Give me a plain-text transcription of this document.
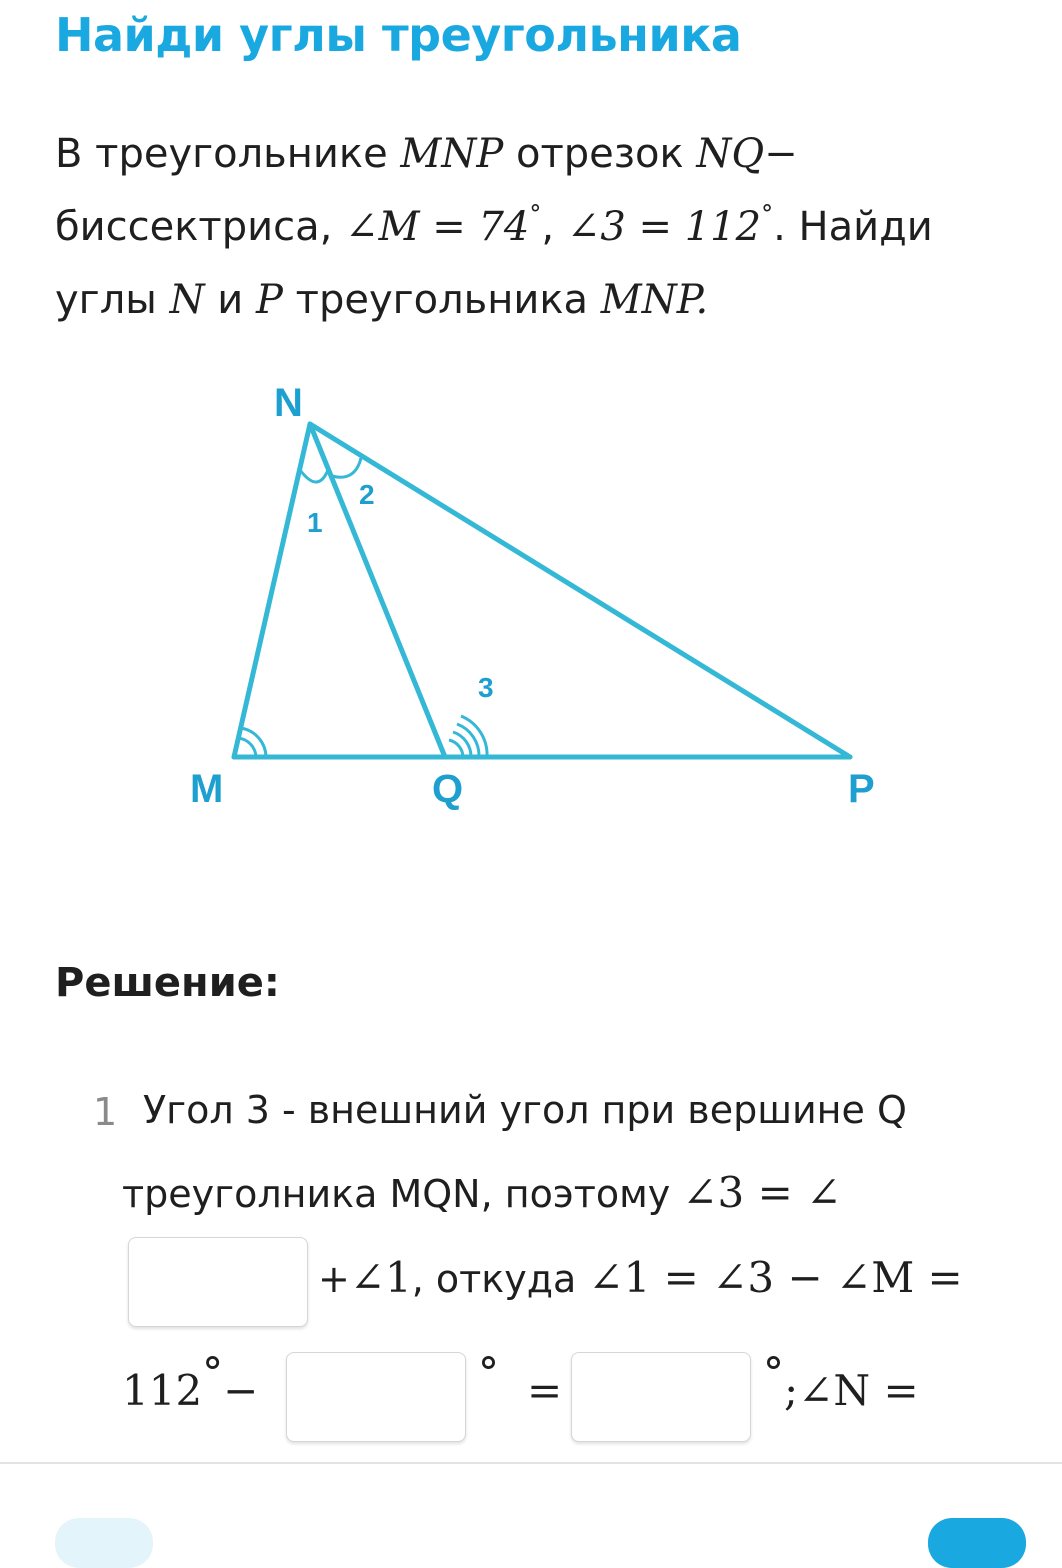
Найди углы треугольника
В треугольнике MNP отрезок NQ−
биссектриса, ∠M = 74°, ∠3 = 112°. Найди
углы N и P треугольника MNP.
N
M	Q	P
1
2
3
Решение:
1 Угол 3 - внешний угол при вершине Q
треуголника MQN, поэтому ∠3 = ∠
+∠1, откуда ∠1 = ∠3 − ∠M =
112°−	° =	°;∠N =
